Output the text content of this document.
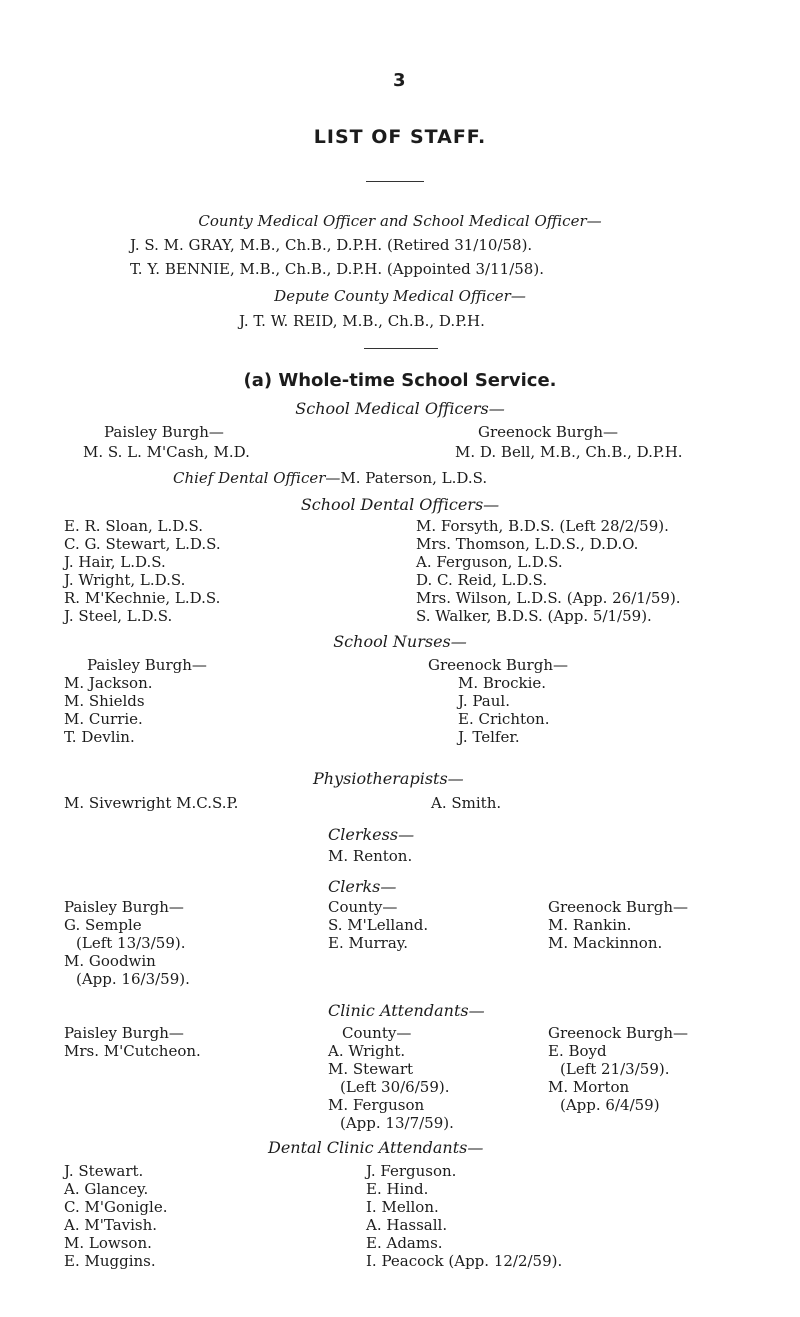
3
LIST OF STAFF.
County Medical Officer and School Medical Officer—
J. S. M. GRAY, M.B., Ch.B., D.P.H. (Retired 31/10/58).
T. Y. BENNIE, M.B., Ch.B., D.P.H. (Appointed 3/11/58).
Depute County Medical Officer—
J. T. W. REID, M.B., Ch.B., D.P.H.
(a) Whole-time School Service.
School Medical Officers—
Paisley Burgh—
M. S. L. M'Cash, M.D.
Greenock Burgh—
M. D. Bell, M.B., Ch.B., D.P.H.
Chief Dental Officer—M. Paterson, L.D.S.
School Dental Officers—
E. R. Sloan, L.D.S.
C. G. Stewart, L.D.S.
J. Hair, L.D.S.
J. Wright, L.D.S.
R. M'Kechnie, L.D.S.
J. Steel, L.D.S.
M. Forsyth, B.D.S. (Left 28/2/59).
Mrs. Thomson, L.D.S., D.D.O.
A. Ferguson, L.D.S.
D. C. Reid, L.D.S.
Mrs. Wilson, L.D.S. (App. 26/1/59).
S. Walker, B.D.S. (App. 5/1/59).
School Nurses—
Paisley Burgh—
M. Jackson.
M. Shields
M. Currie.
T. Devlin.
Greenock Burgh—
M. Brockie.
J. Paul.
E. Crichton.
J. Telfer.
Physiotherapists—
M. Sivewright M.C.S.P.	A. Smith.
Clerkess—
M. Renton.
Clerks—
Paisley Burgh—
G. Semple
(Left 13/3/59).
M. Goodwin
(App. 16/3/59).
County—
S. M'Lelland.
E. Murray.
Greenock Burgh—
M. Rankin.
M. Mackinnon.
Clinic Attendants—
Paisley Burgh—
Mrs. M'Cutcheon.
County—
A. Wright.
M. Stewart
(Left 30/6/59).
M. Ferguson
(App. 13/7/59).
Greenock Burgh—
E. Boyd
(Left 21/3/59).
M. Morton
(App. 6/4/59)
Dental Clinic Attendants—
J. Stewart.
A. Glancey.
C. M'Gonigle.
A. M'Tavish.
M. Lowson.
E. Muggins.
J. Ferguson.
E. Hind.
I. Mellon.
A. Hassall.
E. Adams.
I. Peacock (App. 12/2/59).
